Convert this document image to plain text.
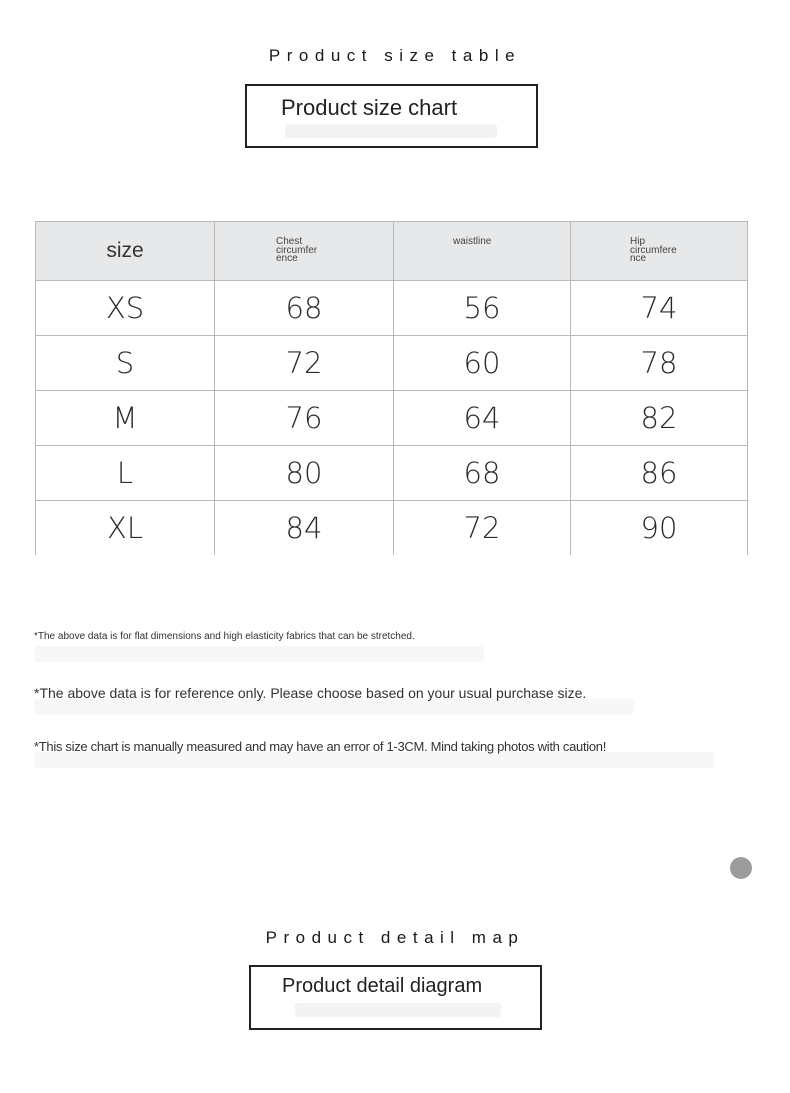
Product size table
Product size chart
size	Chest circumfer ence	waistline	Hip circumfere nce

XS	68	56	74
S	72	60	78
M	76	64	82
L	80	68	86
XL	84	72	90
*The above data is for flat dimensions and high elasticity fabrics that can be stretched.
*The above data is for reference only. Please choose based on your usual purchase size.
*This size chart is manually measured and may have an error of 1-3CM. Mind taking photos with caution!
Product detail map
Product detail diagram
